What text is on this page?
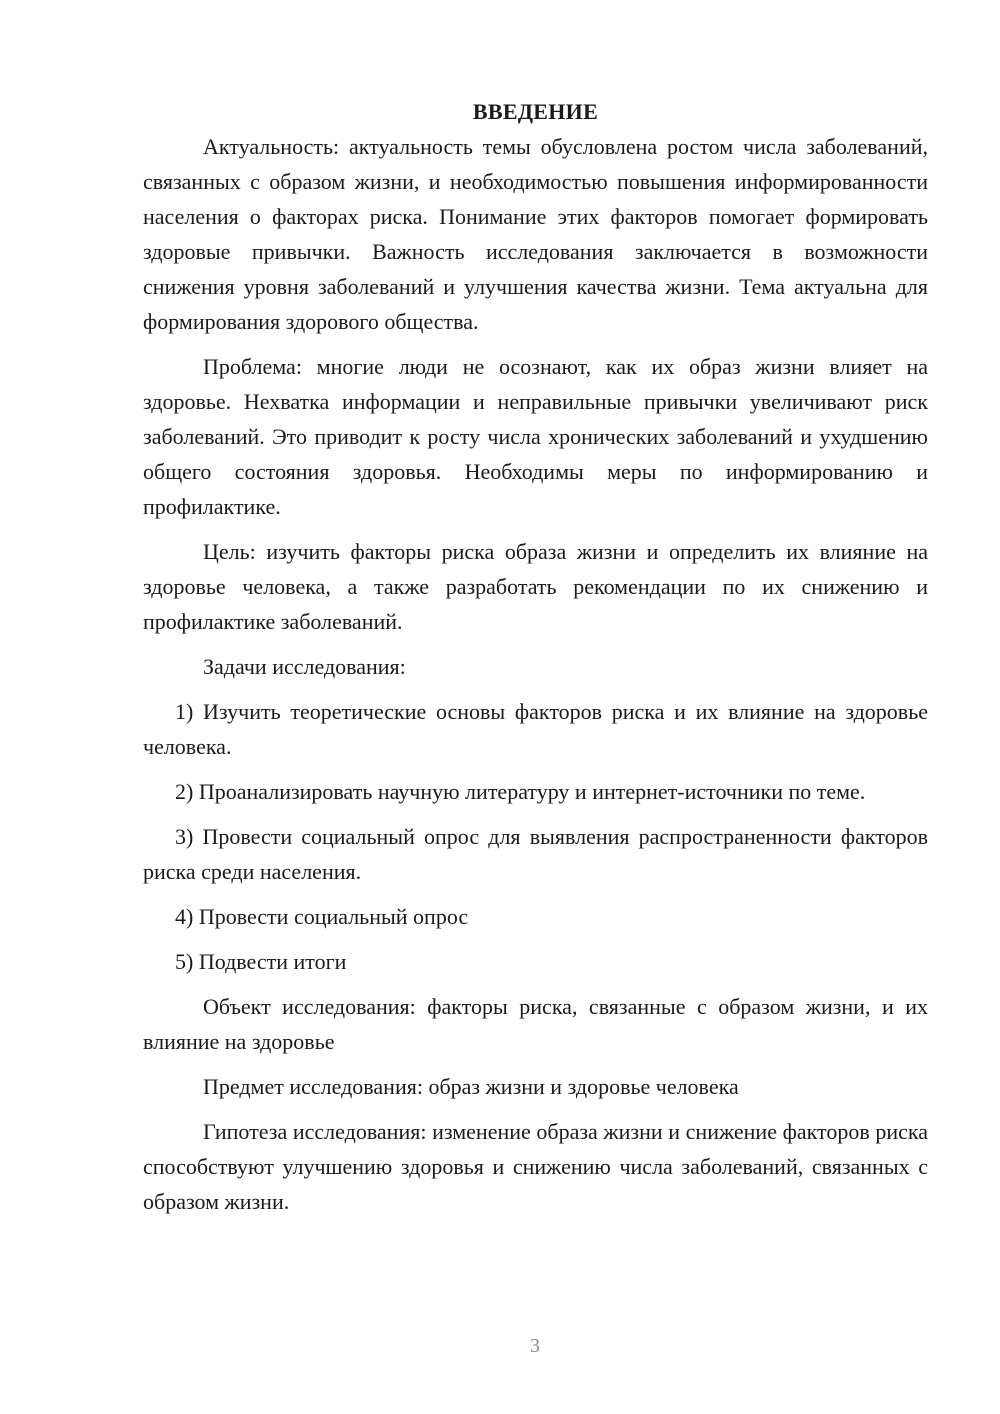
ВВЕДЕНИЕ

Актуальность: актуальность темы обусловлена ростом числа заболеваний, связанных с образом жизни, и необходимостью повышения информированности населения о факторах риска. Понимание этих факторов помогает формировать здоровые привычки. Важность исследования заключается в возможности снижения уровня заболеваний и улучшения качества жизни. Тема актуальна для формирования здорового общества.

Проблема: многие люди не осознают, как их образ жизни влияет на здоровье. Нехватка информации и неправильные привычки увеличивают риск заболеваний. Это приводит к росту числа хронических заболеваний и ухудшению общего состояния здоровья. Необходимы меры по информированию и профилактике.

Цель: изучить факторы риска образа жизни и определить их влияние на здоровье человека, а также разработать рекомендации по их снижению и профилактике заболеваний.

Задачи исследования:

1) Изучить теоретические основы факторов риска и их влияние на здоровье человека.

2) Проанализировать научную литературу и интернет-источники по теме.

3) Провести социальный опрос для выявления распространенности факторов риска среди населения.

4) Провести социальный опрос

5) Подвести итоги

Объект исследования: факторы риска, связанные с образом жизни, и их влияние на здоровье

Предмет исследования: образ жизни и здоровье человека

Гипотеза исследования: изменение образа жизни и снижение факторов риска способствуют улучшению здоровья и снижению числа заболеваний, связанных с образом жизни.

3
